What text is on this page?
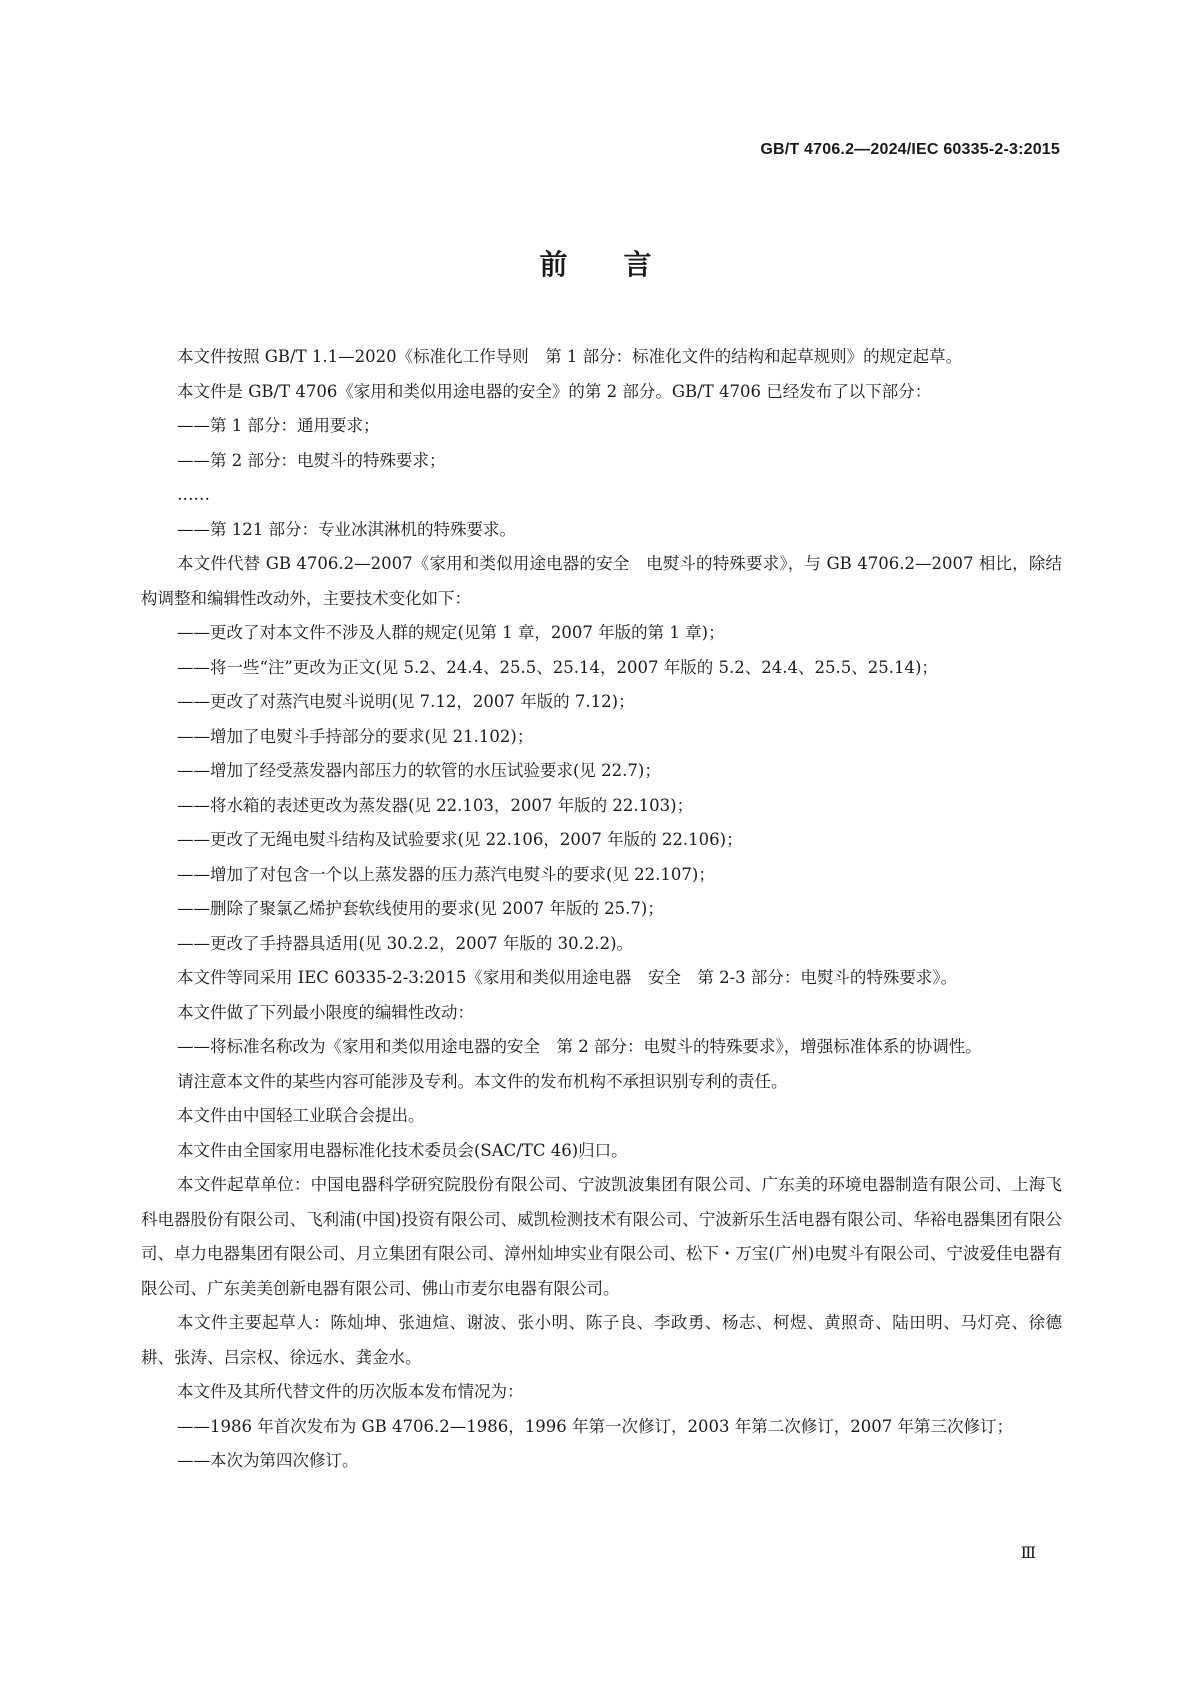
GB/T 4706.2—2024/IEC 60335-2-3:2015
前言

本文件按照 GB/T 1.1—2020《标准化工作导则　第 1 部分：标准化文件的结构和起草规则》的规定起草。

本文件是 GB/T 4706《家用和类似用途电器的安全》的第 2 部分。GB/T 4706 已经发布了以下部分：

——第 1 部分：通用要求；

——第 2 部分：电熨斗的特殊要求；

……

——第 121 部分：专业冰淇淋机的特殊要求。

本文件代替 GB 4706.2—2007《家用和类似用途电器的安全　电熨斗的特殊要求》，与 GB 4706.2—2007 相比，除结构调整和编辑性改动外，主要技术变化如下：

——更改了对本文件不涉及人群的规定(见第 1 章，2007 年版的第 1 章)；

——将一些“注”更改为正文(见 5.2、24.4、25.5、25.14，2007 年版的 5.2、24.4、25.5、25.14)；

——更改了对蒸汽电熨斗说明(见 7.12，2007 年版的 7.12)；

——增加了电熨斗手持部分的要求(见 21.102)；

——增加了经受蒸发器内部压力的软管的水压试验要求(见 22.7)；

——将水箱的表述更改为蒸发器(见 22.103，2007 年版的 22.103)；

——更改了无绳电熨斗结构及试验要求(见 22.106，2007 年版的 22.106)；

——增加了对包含一个以上蒸发器的压力蒸汽电熨斗的要求(见 22.107)；

——删除了聚氯乙烯护套软线使用的要求(见 2007 年版的 25.7)；

——更改了手持器具适用(见 30.2.2，2007 年版的 30.2.2)。

本文件等同采用 IEC 60335-2-3:2015《家用和类似用途电器　安全　第 2-3 部分：电熨斗的特殊要求》。

本文件做了下列最小限度的编辑性改动：

——将标准名称改为《家用和类似用途电器的安全　第 2 部分：电熨斗的特殊要求》，增强标准体系的协调性。

请注意本文件的某些内容可能涉及专利。本文件的发布机构不承担识别专利的责任。

本文件由中国轻工业联合会提出。

本文件由全国家用电器标准化技术委员会(SAC/TC 46)归口。

本文件起草单位：中国电器科学研究院股份有限公司、宁波凯波集团有限公司、广东美的环境电器制造有限公司、上海飞科电器股份有限公司、飞利浦(中国)投资有限公司、威凯检测技术有限公司、宁波新乐生活电器有限公司、华裕电器集团有限公司、卓力电器集团有限公司、月立集团有限公司、漳州灿坤实业有限公司、松下・万宝(广州)电熨斗有限公司、宁波爱佳电器有限公司、广东美美创新电器有限公司、佛山市麦尔电器有限公司。

本文件主要起草人：陈灿坤、张迪煊、谢波、张小明、陈子良、李政勇、杨志、柯煜、黄照奇、陆田明、马灯亮、徐德耕、张涛、吕宗权、徐远水、龚金水。

本文件及其所代替文件的历次版本发布情况为：

——1986 年首次发布为 GB 4706.2—1986，1996 年第一次修订，2003 年第二次修订，2007 年第三次修订；

——本次为第四次修订。

Ⅲ
